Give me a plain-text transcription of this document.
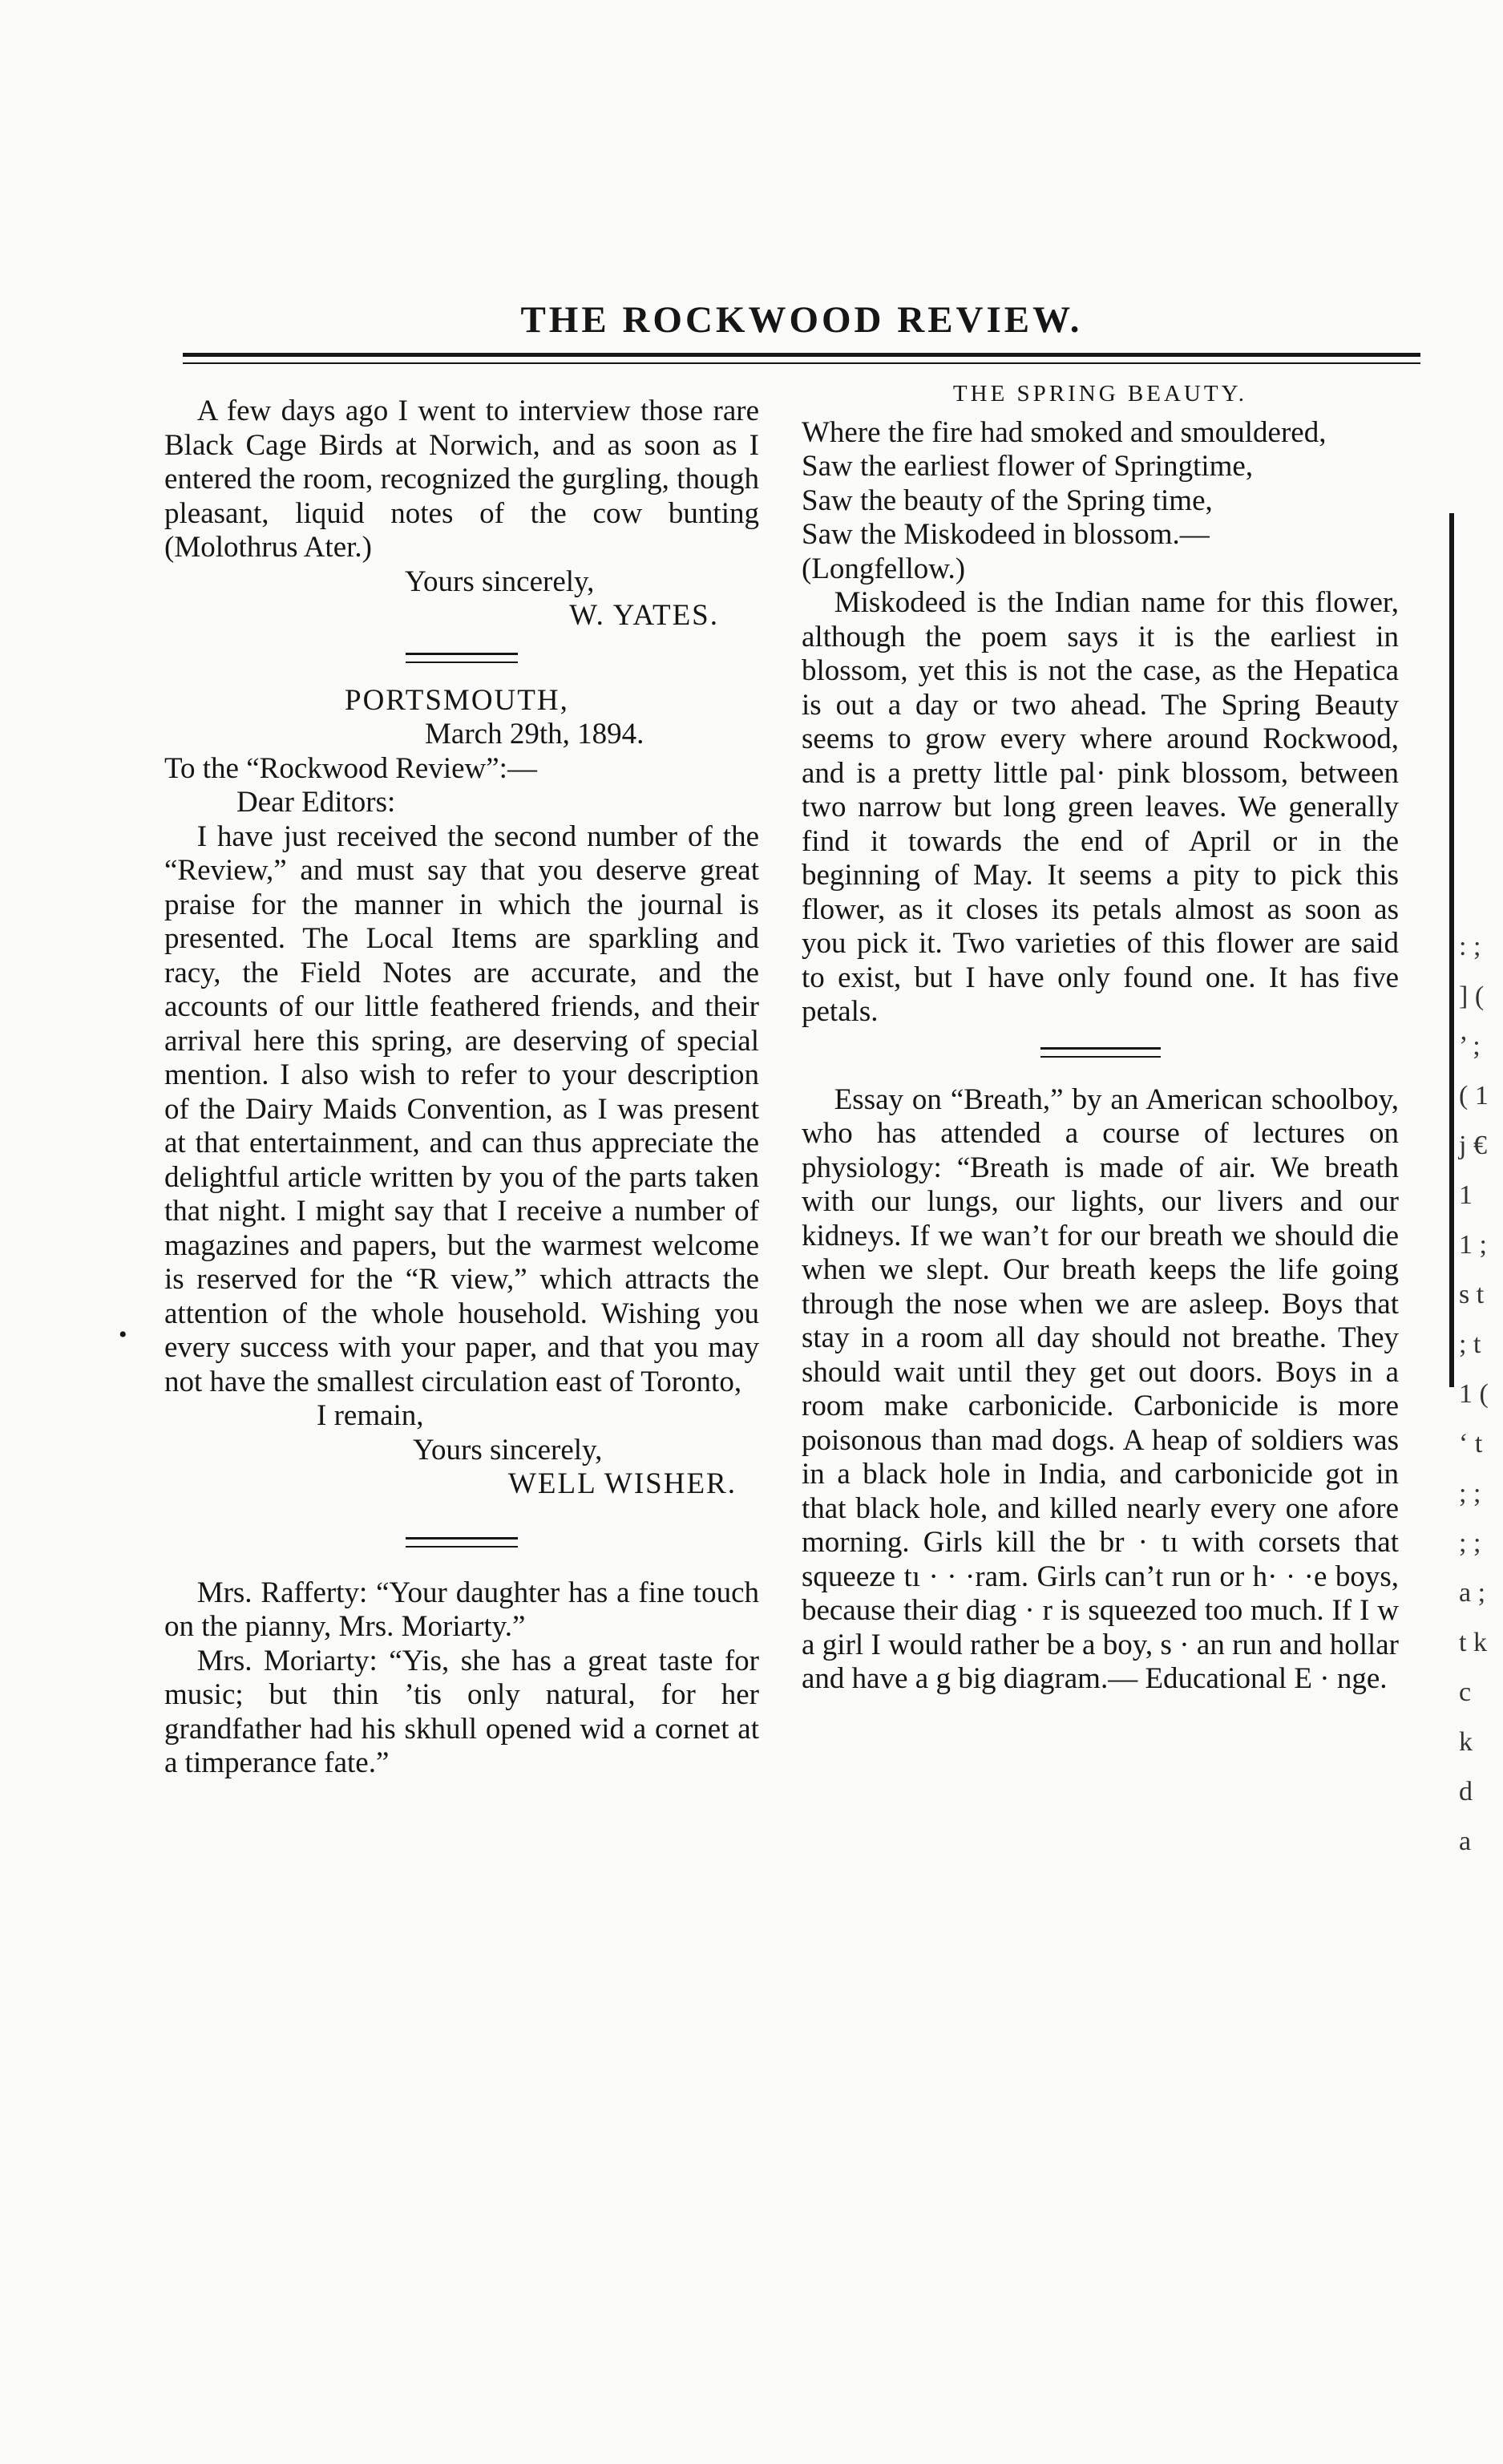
THE ROCKWOOD REVIEW.
•

A few days ago I went to interview those rare Black Cage Birds at Norwich, and as soon as I entered the room, recognized the gurgling, though pleasant, liquid notes of the cow bunting (Molothrus Ater.)

Yours sincerely,
W. YATES.
PORTSMOUTH,
March 29th, 1894.
To the “Rockwood Review”:—
Dear Editors:

I have just received the second number of the “Review,” and must say that you deserve great praise for the manner in which the journal is presented. The Local Items are sparkling and racy, the Field Notes are accurate, and the accounts of our little feathered friends, and their arrival here this spring, are deserving of special mention. I also wish to refer to your description of the Dairy Maids Convention, as I was present at that entertainment, and can thus appreciate the delightful article written by you of the parts taken that night. I might say that I receive a number of magazines and papers, but the warmest welcome is reserved for the “R view,” which attracts the attention of the whole household. Wishing you every success with your paper, and that you may not have the smallest circulation east of Toronto,

I remain,
Yours sincerely,
WELL WISHER.

Mrs. Rafferty: “Your daughter has a fine touch on the pianny, Mrs. Moriarty.”

Mrs. Moriarty: “Yis, she has a great taste for music; but thin ’tis only natural, for her grandfather had his skhull opened wid a cornet at a timperance fate.”

THE SPRING BEAUTY.
Where the fire had smoked and smouldered,
Saw the earliest flower of Springtime,
Saw the beauty of the Spring time,
Saw the Miskodeed in blossom.—
(Longfellow.)

Miskodeed is the Indian name for this flower, although the poem says it is the earliest in blossom, yet this is not the case, as the Hepatica is out a day or two ahead. The Spring Beauty seems to grow every where around Rockwood, and is a pretty little pal· pink blossom, between two narrow but long green leaves. We generally find it towards the end of April or in the beginning of May. It seems a pity to pick this flower, as it closes its petals almost as soon as you pick it. Two varieties of this flower are said to exist, but I have only found one. It has five petals.

Essay on “Breath,” by an American schoolboy, who has attended a course of lectures on physiology: “Breath is made of air. We breath with our lungs, our lights, our livers and our kidneys. If we wan’t for our breath we should die when we slept. Our breath keeps the life going through the nose when we are asleep. Boys that stay in a room all day should not breathe. They should wait until they get out doors. Boys in a room make carbonicide. Carbonicide is more poisonous than mad dogs. A heap of soldiers was in a black hole in India, and carbonicide got in that black hole, and killed nearly every one afore morning. Girls kill the br · tı with corsets that squeeze tı · · ·ram. Girls can’t run or h· · ·e boys, because their diag · r is squeezed too much. If I w a girl I would rather be a boy, s · an run and hollar and have a g big diagram.— Educational E · nge.

: ; ] ( ’ ; ( 1 j € 1 1 ; s t ; t 1 ( ‘ t ; ; ; ; a ; t k c k d a
